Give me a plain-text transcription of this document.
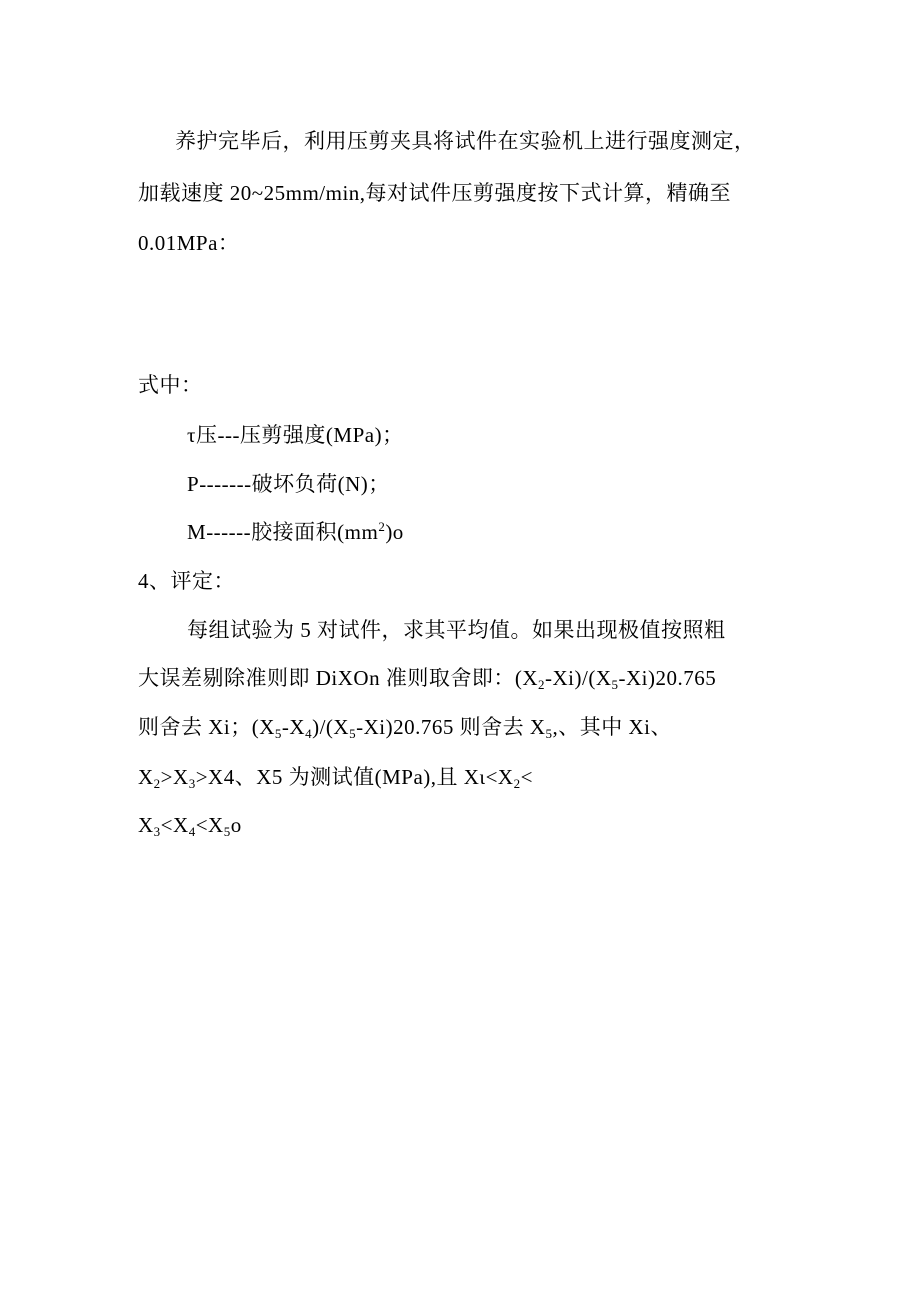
养护完毕后，利用压剪夹具将试件在实验机上进行强度测定，
加载速度 20~25mm/min,每对试件压剪强度按下式计算，精确至
0.01MPa：
式中：
τ压---压剪强度(MPa)；
P-------破坏负荷(N)；
M------胶接面积$(mm^2)o$
4、评定：
每组试验为 5 对试件，求其平均值。如果出现极值按照粗
大误差剔除准则即 DiXOn 准则取舍即：$(X_2-Xi)/(X_5-Xi)20.765$
则舍去 Xi；$(X_5-X_4)/(X_5-Xi)20.765$ 则舍去 $X_5$,、其中 Xi、
$X_2>X_3>X4$、X5 为测试值(MPa),且 $X\iota<X_2<$
$X_3<X_4<X_5o$
